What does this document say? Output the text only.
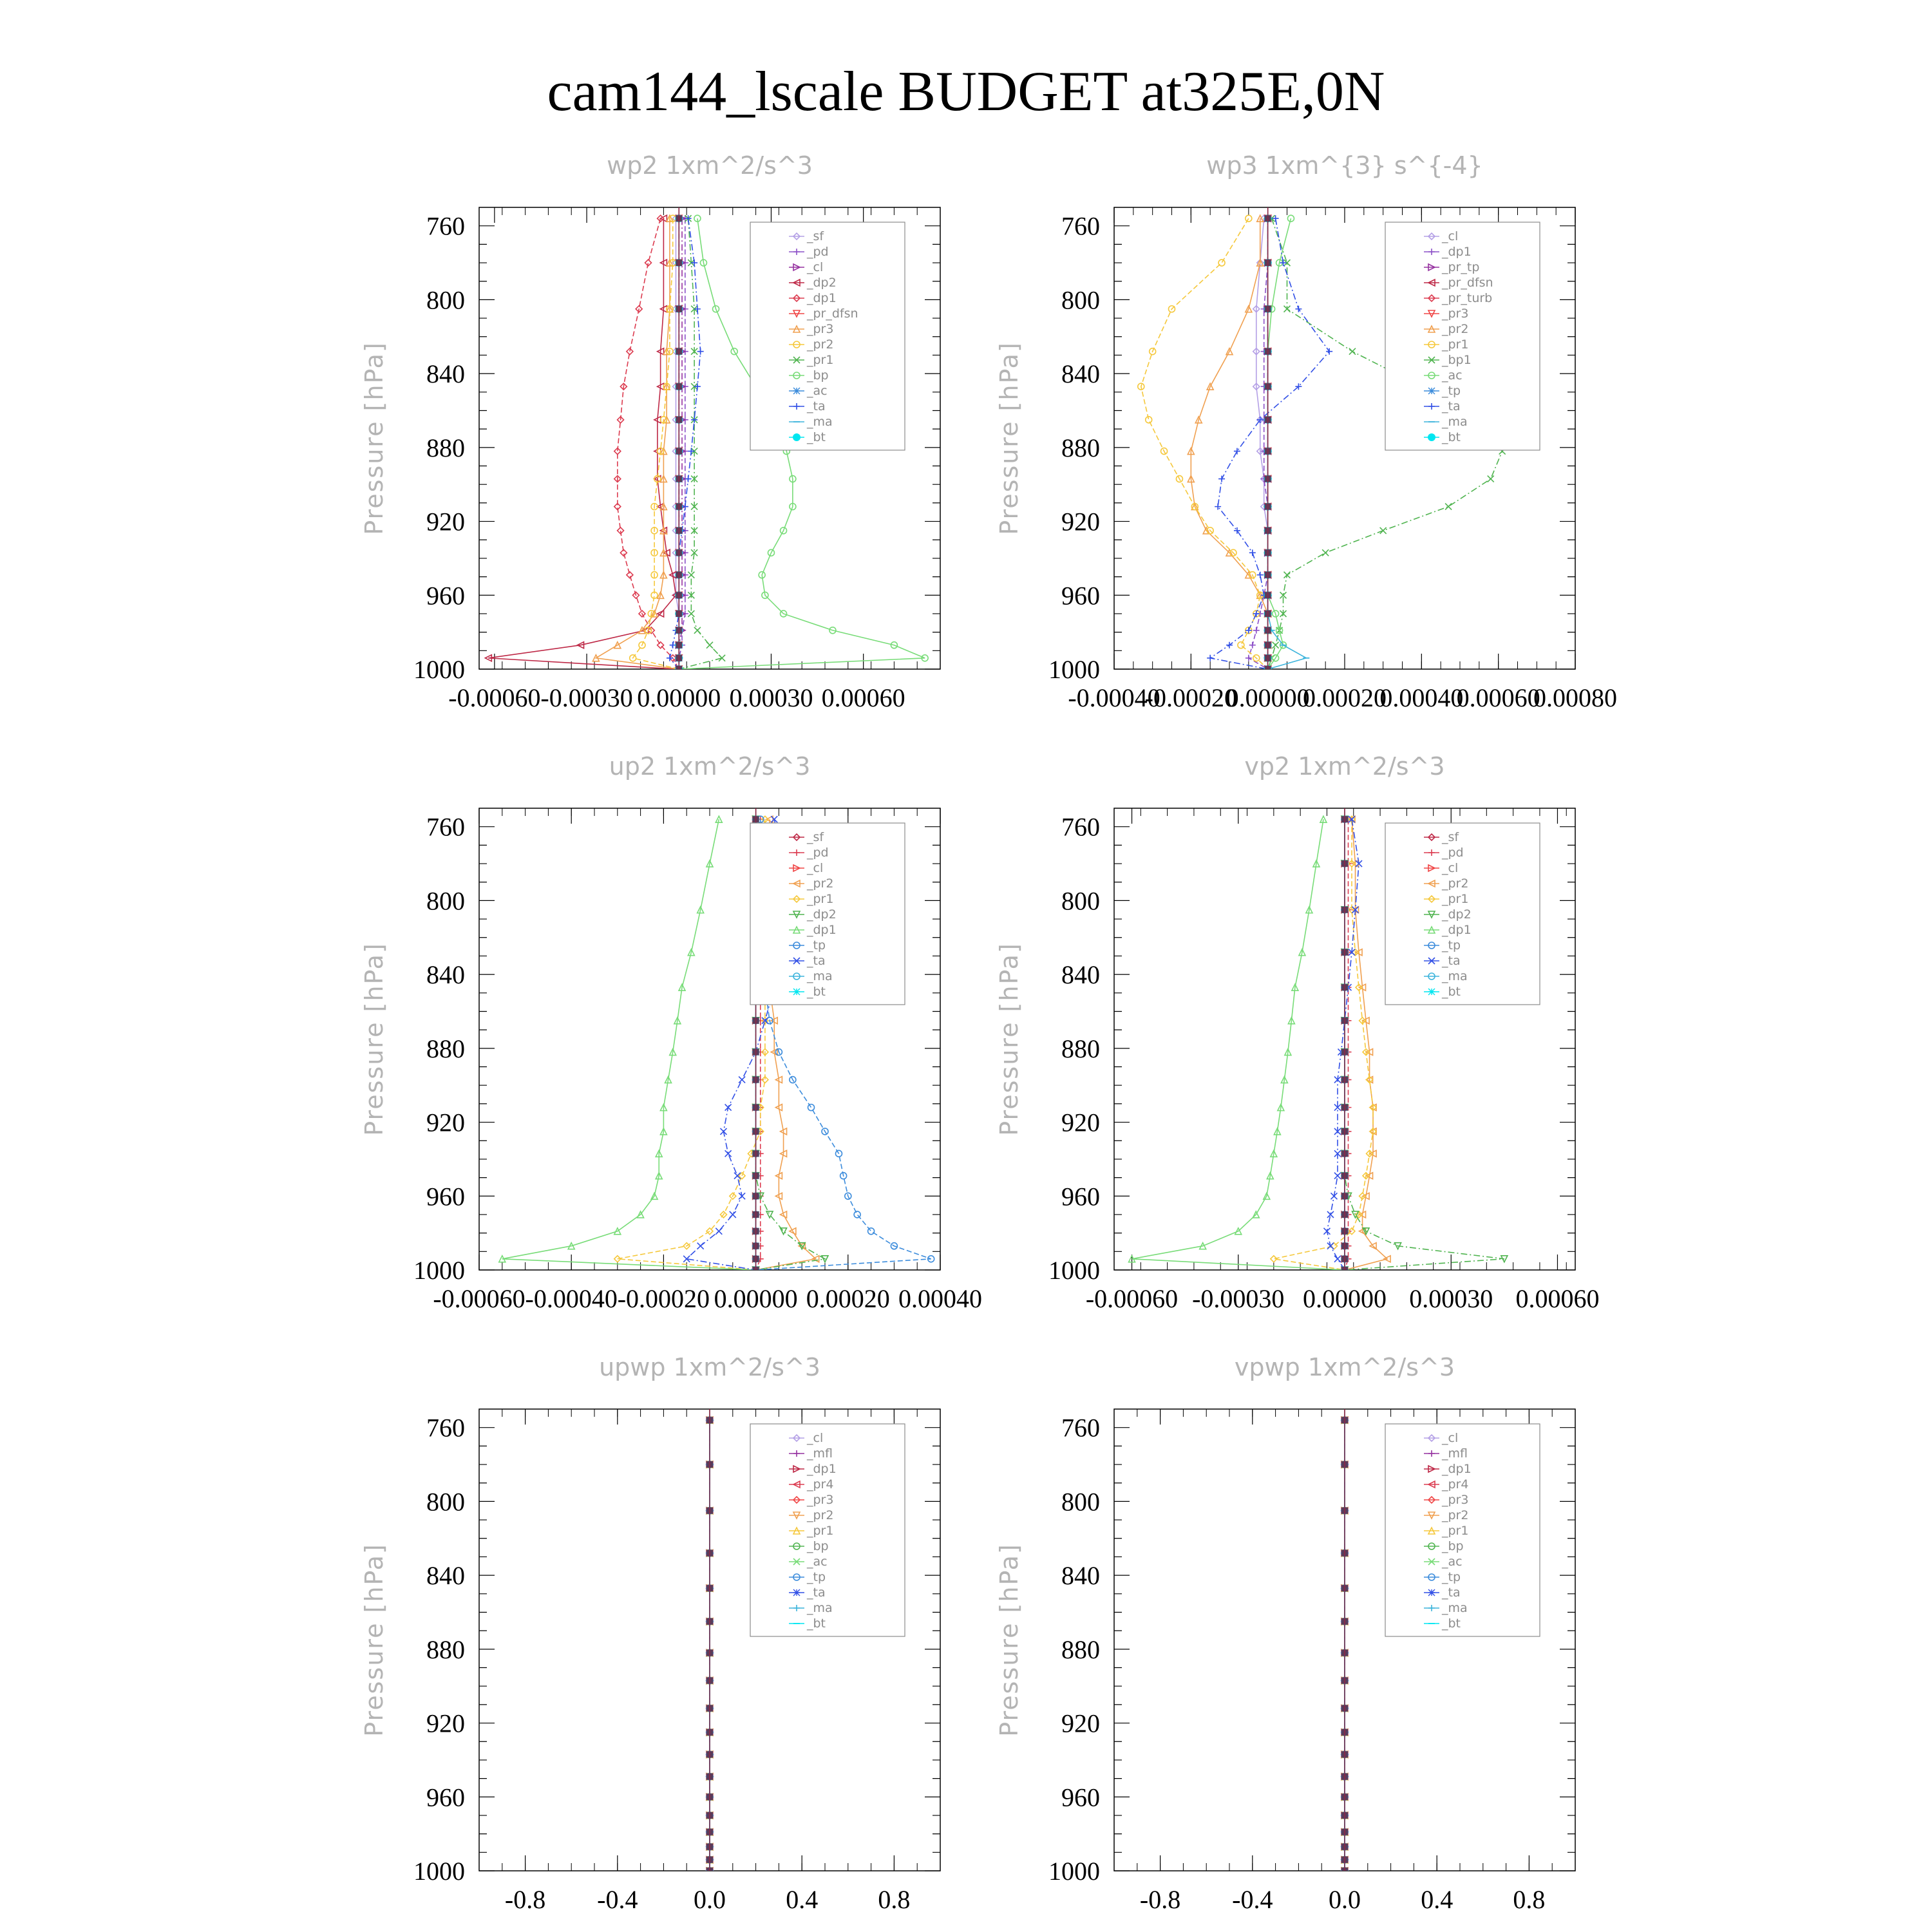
cam144_lscale BUDGET at325E,0N
wp2 1xm^2/s^3
Pressure [hPa]
760
800
840
880
920
960
1000
-0.00060 -0.00030 0.00000 0.00030 0.00060
_sf
_pd
_cl
_dp2
_dp1
_pr_dfsn
_pr3
_pr2
_pr1
_bp
_ac
_ta
_ma
_bt
wp3 1xm^{3} s^{-4}
Pressure [hPa]
760
800
840
880
920
960
1000
-0.00040
-0.00020
0.00000
0.00020
0.00040
0.00060
0.00080
_cl
_dp1
_pr_tp
_pr_dfsn
_pr_turb
_pr3
_pr2
_pr1
_bp1
_ac
_tp
_ta
_ma
_bt
up2 1xm^2/s^3
Pressure [hPa]
760
800
840
880
920
960
1000
-0.00060 -0.00040 -0.00020 0.00000 0.00020 0.00040
_sf
_pd
_cl
_pr2
_pr1
_dp2
_dp1
_tp
_ta
_ma
_bt
vp2 1xm^2/s^3
Pressure [hPa]
760
800
840
880
920
960
1000
-0.00060 -0.00030 0.00000 0.00030 0.00060
_sf
_pd
_cl
_pr2
_pr1
_dp2
_dp1
_tp
_ta
_ma
_bt
upwp 1xm^2/s^3
Pressure [hPa]
760
800
840
880
920
960
1000
-0.8 -0.4 0.0 0.4 0.8
_cl
_mfl
_dp1
_pr4
_pr3
_pr2
_pr1
_bp
_ac
_tp
_ta
_ma
_bt
vpwp 1xm^2/s^3
Pressure [hPa]
760
800
840
880
920
960
1000
-0.8 -0.4 0.0 0.4 0.8
_cl
_mfl
_dp1
_pr4
_pr3
_pr2
_pr1
_bp
_ac
_tp
_ta
_ma
_bt
